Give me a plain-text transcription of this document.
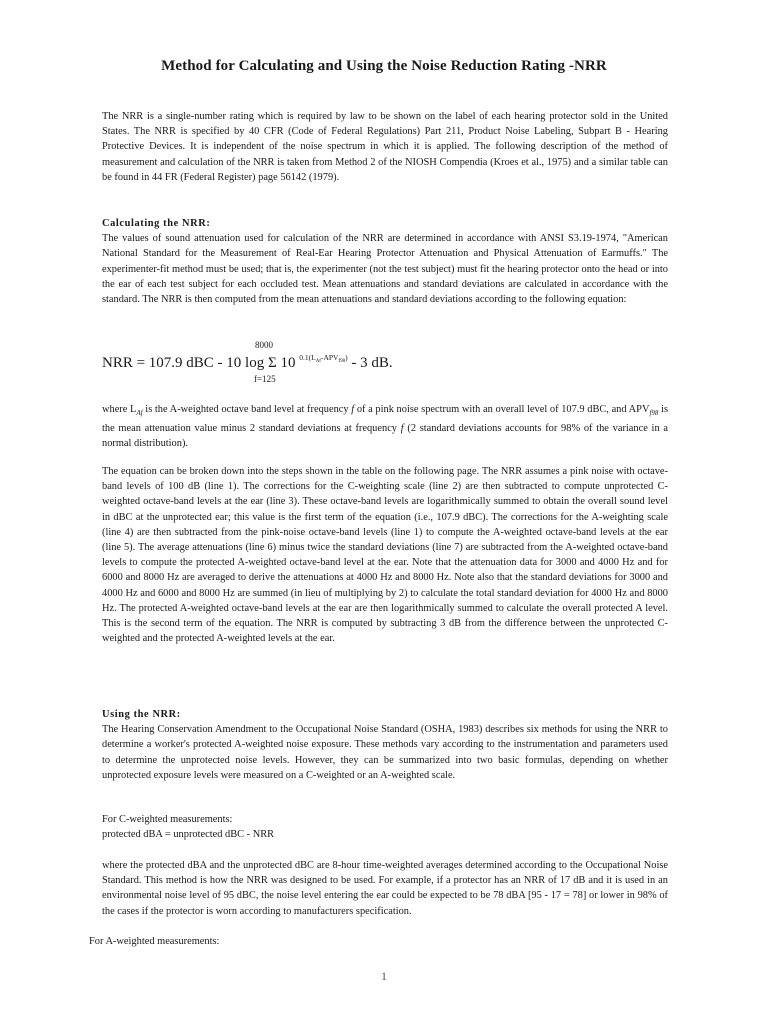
Method for Calculating and Using the Noise Reduction Rating -NRR

The NRR is a single-number rating which is required by law to be shown on the label of each hearing protector sold in the United States. The NRR is specified by 40 CFR (Code of Federal Regulations) Part 211, Product Noise Labeling, Subpart B - Hearing Protective Devices. It is independent of the noise spectrum in which it is applied. The following description of the method of measurement and calculation of the NRR is taken from Method 2 of the NIOSH Compendia (Kroes et al., 1975) and a similar table can be found in 44 FR (Federal Register) page 56142 (1979).

Calculating the NRR:
The values of sound attenuation used for calculation of the NRR are determined in accordance with ANSI S3.19-1974, "American National Standard for the Measurement of Real-Ear Hearing Protector Attenuation and Physical Attenuation of Earmuffs." The experimenter-fit method must be used; that is, the experimenter (not the test subject) must fit the hearing protector onto the head or into the ear of each test subject for each occluded test. Mean attenuations and standard deviations are calculated in accordance with the standard. The NRR is then computed from the mean attenuations and standard deviations according to the following equation:
8000
NRR = 107.9 dBC - 10 log Σ 10 $^{0.1(L_{Af}-APV_{f98})}$ - 3 dB.
f=125

where $L_{Af}$ is the A-weighted octave band level at frequency f of a pink noise spectrum with an overall level of 107.9 dBC, and $APV_{f98}$ is the mean attenuation value minus 2 standard deviations at frequency f (2 standard deviations accounts for 98% of the variance in a normal distribution).

The equation can be broken down into the steps shown in the table on the following page. The NRR assumes a pink noise with octave-band levels of 100 dB (line 1). The corrections for the C-weighting scale (line 2) are then subtracted to compute unprotected C-weighted octave-band levels at the ear (line 3). These octave-band levels are logarithmically summed to obtain the overall sound level in dBC at the unprotected ear; this value is the first term of the equation (i.e., 107.9 dBC). The corrections for the A-weighting scale (line 4) are then subtracted from the pink-noise octave-band levels (line 1) to compute the A-weighted octave-band levels at the ear (line 5). The average attenuations (line 6) minus twice the standard deviations (line 7) are subtracted from the A-weighted octave-band levels to compute the protected A-weighted octave-band level at the ear. Note that the attenuation data for 3000 and 4000 Hz and for 6000 and 8000 Hz are averaged to derive the attenuations at 4000 Hz and 8000 Hz. Note also that the standard deviations for 3000 and 4000 Hz and 6000 and 8000 Hz are summed (in lieu of multiplying by 2) to calculate the total standard deviation for 4000 Hz and 8000 Hz. The protected A-weighted octave-band levels at the ear are then logarithmically summed to calculate the overall protected A level. This is the second term of the equation. The NRR is computed by subtracting 3 dB from the difference between the unprotected C-weighted and the protected A-weighted levels at the ear.

Using the NRR:
The Hearing Conservation Amendment to the Occupational Noise Standard (OSHA, 1983) describes six methods for using the NRR to determine a worker's protected A-weighted noise exposure. These methods vary according to the instrumentation and parameters used to determine the unprotected noise levels. However, they can be summarized into two basic formulas, depending on whether unprotected exposure levels were measured on a C-weighted or an A-weighted scale.
For C-weighted measurements:
protected dBA = unprotected dBC - NRR

where the protected dBA and the unprotected dBC are 8-hour time-weighted averages determined according to the Occupational Noise Standard. This method is how the NRR was designed to be used. For example, if a protector has an NRR of 17 dB and it is used in an environmental noise level of 95 dBC, the noise level entering the ear could be expected to be 78 dBA [95 - 17 = 78] or lower in 98% of the cases if the protector is worn according to manufacturers specification.

For A-weighted measurements:
1
